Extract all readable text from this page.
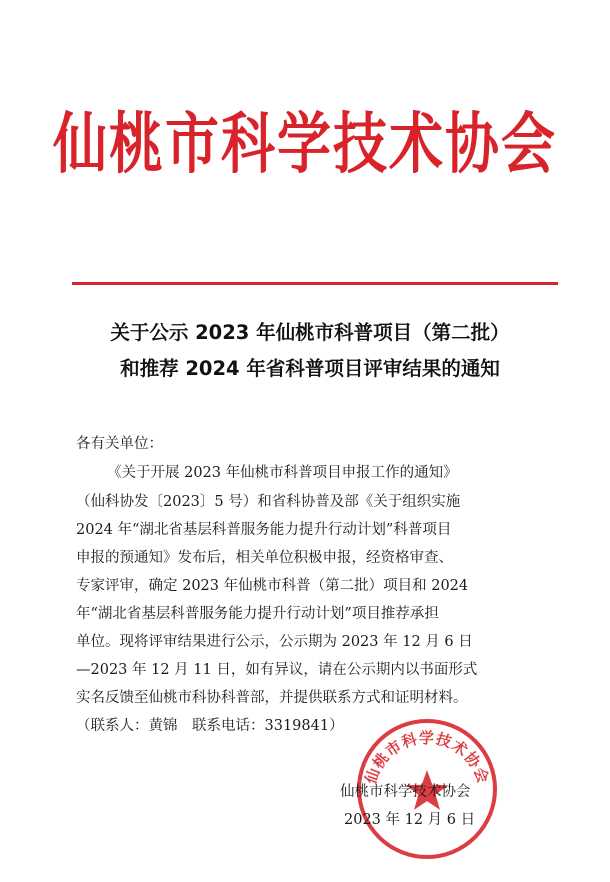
仙桃市科学技术协会
关于公示 2023 年仙桃市科普项目（第二批）
和推荐 2024 年省科普项目评审结果的通知
各有关单位：
《关于开展 2023 年仙桃市科普项目申报工作的通知》
（仙科协发〔2023〕5 号）和省科协普及部《关于组织实施
2024 年“湖北省基层科普服务能力提升行动计划”科普项目
申报的预通知》发布后，相关单位积极申报，经资格审查、
专家评审，确定 2023 年仙桃市科普（第二批）项目和 2024
年“湖北省基层科普服务能力提升行动计划”项目推荐承担
单位。现将评审结果进行公示，公示期为 2023 年 12 月 6 日
—2023 年 12 月 11 日，如有异议，请在公示期内以书面形式
实名反馈至仙桃市科协科普部，并提供联系方式和证明材料。
（联系人：黄锦　联系电话：3319841）
仙桃市科学技术协会
仙桃市科学技术协会
2023 年 12 月 6 日
